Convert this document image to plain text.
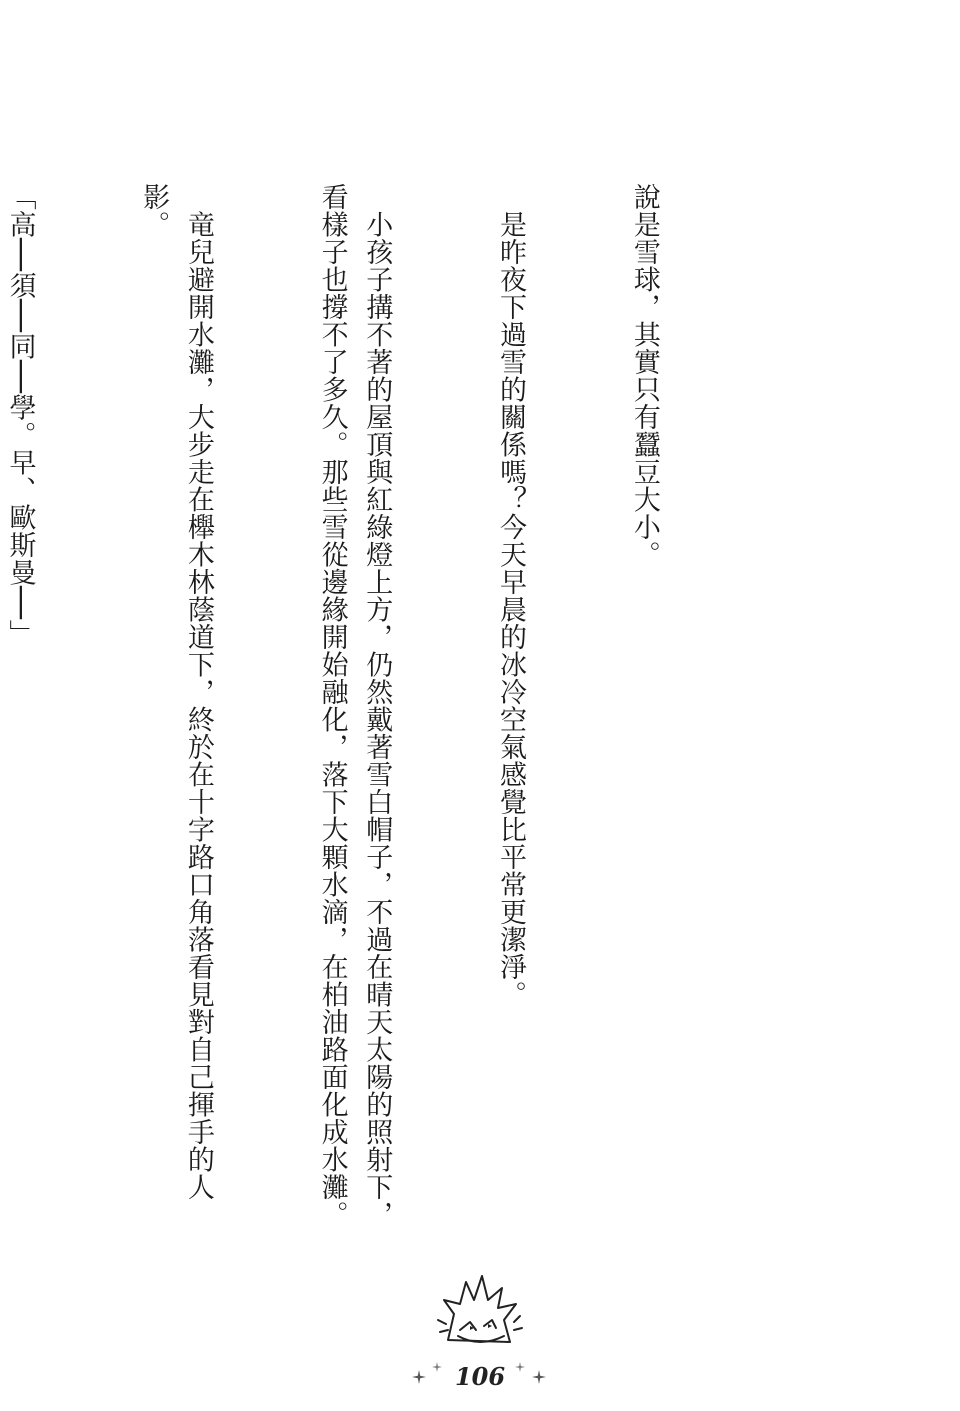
說是雪球，其實只有蠶豆大小。

　是昨夜下過雪的關係嗎？今天早晨的冰冷空氣感覺比平常更潔淨。

　小孩子搆不著的屋頂與紅綠燈上方，仍然戴著雪白帽子，不過在晴天太陽的照射下，看樣子也撐不了多久。那些雪從邊緣開始融化，落下大顆水滴，在柏油路面化成水灘。

　竜兒避開水灘，大步走在櫸木林蔭道下，終於在十字路口角落看見對自己揮手的人影。

「高──須──同──學。早、歐斯曼──」

106
